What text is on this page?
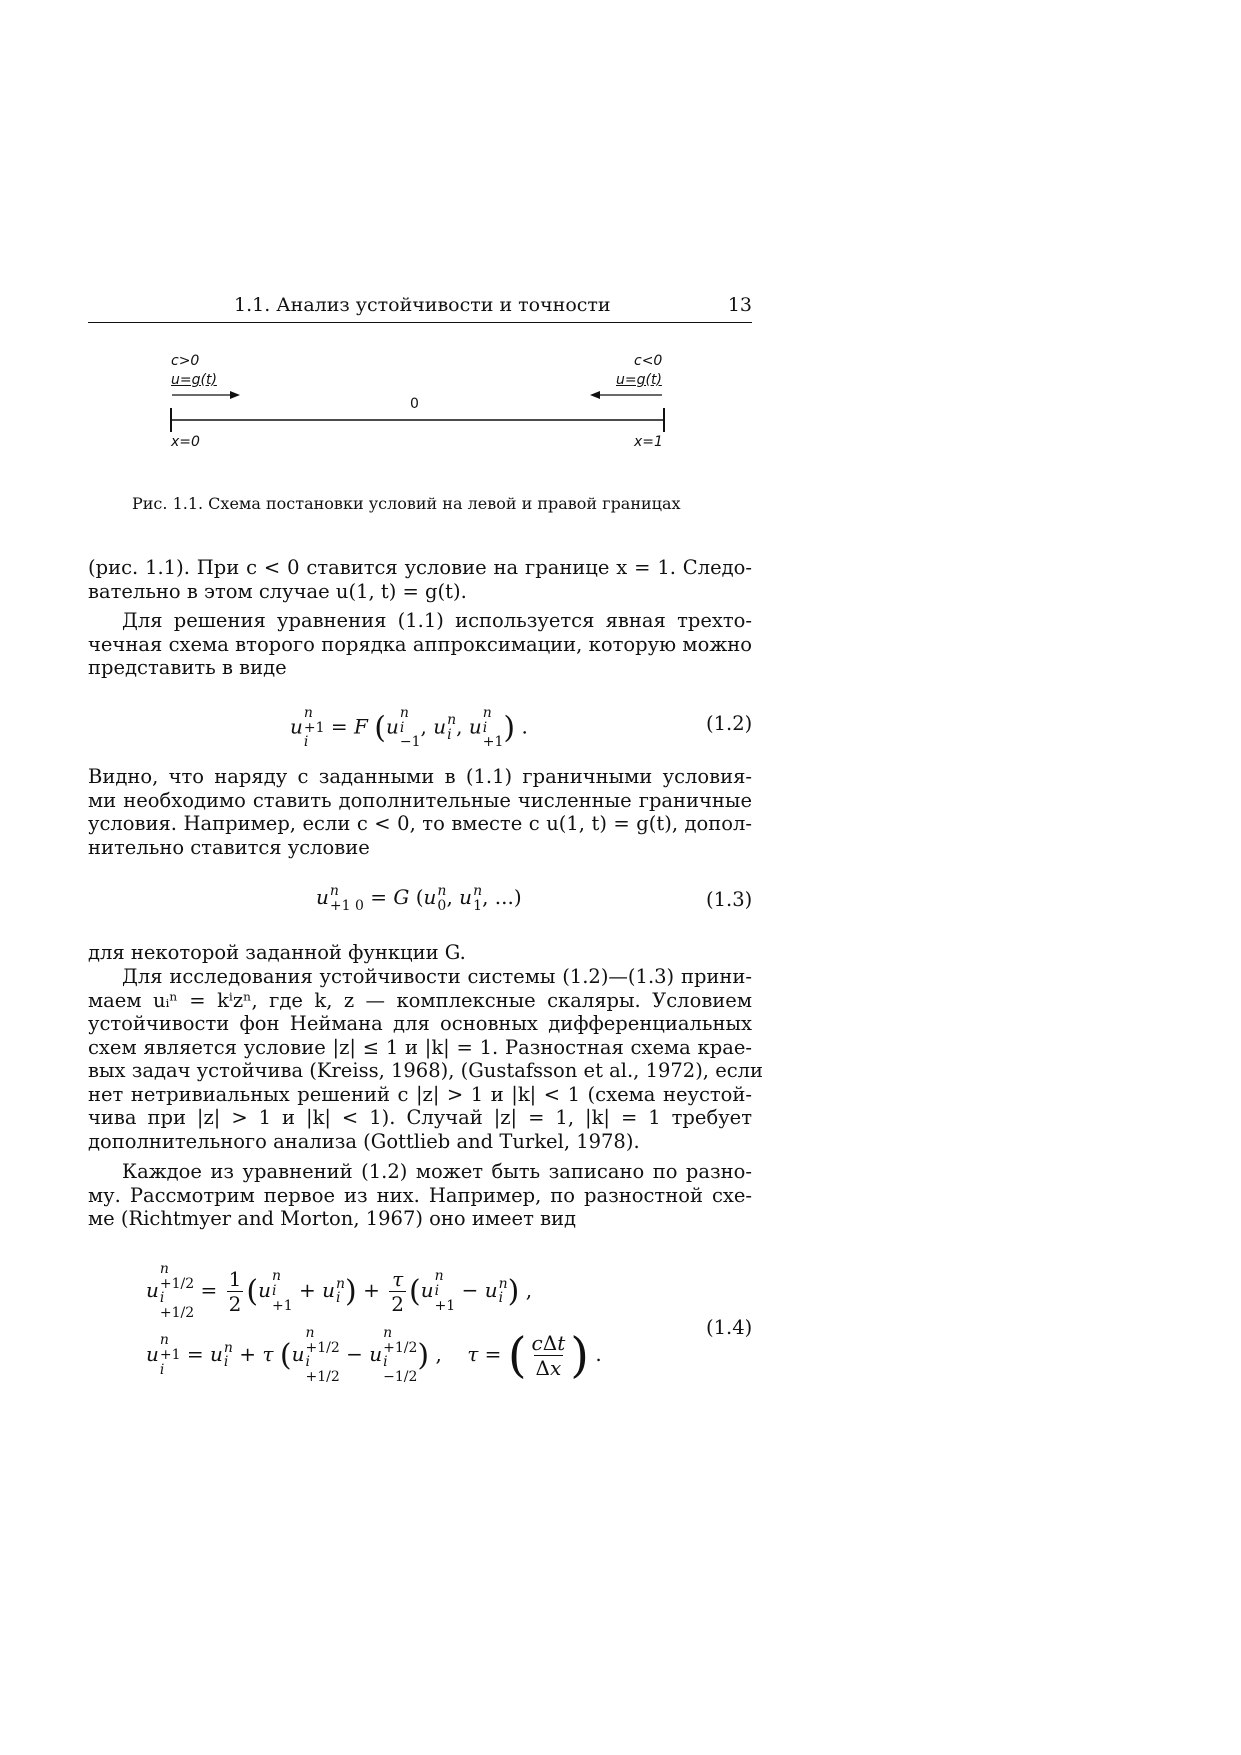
1.1. Анализ устойчивости и точности	13
c>0
u=g(t)
0
x=0
c<0
u=g(t)
x=1
Рис. 1.1. Схема постановки условий на левой и правой границах
(рис. 1.1). При c < 0 ставится условие на границе x = 1. Следо-
вательно в этом случае u(1, t) = g(t).
Для решения уравнения (1.1) используется явная трехто-
чечная схема второго порядка аппроксимации, которую можно
представить в виде
u
n
+1
i
= F (u
n
i
−1, u n
i , u
n
i
+1) .	(1.2)
Видно, что наряду с заданными в (1.1) граничными условия-
ми необходимо ставить дополнительные численные граничные
условия. Например, если c < 0, то вместе с u(1, t) = g(t), допол-
нительно ставится условие
u n
+1 0 = G (u n
0, u n
1, ...)	(1.3)
для некоторой заданной функции G.
Для исследования устойчивости системы (1.2)—(1.3) прини-
маем uᵢⁿ = kⁱzⁿ, где k, z — комплексные скаляры. Условием
устойчивости фон Неймана для основных дифференциальных
схем является условие |z| ≤ 1 и |k| = 1. Разностная схема крае-
вых задач устойчива (Kreiss, 1968), (Gustafsson et al., 1972), если
нет нетривиальных решений с |z| > 1 и |k| < 1 (схема неустой-
чива при |z| > 1 и |k| < 1). Случай |z| = 1, |k| = 1 требует
дополнительного анализа (Gottlieb and Turkel, 1978).
Каждое из уравнений (1.2) может быть записано по разно-
му. Рассмотрим первое из них. Например, по разностной схе-
ме (Richtmyer and Morton, 1967) оно имеет вид
u
n
+1/2
i
$+1/2 = \frac{1}{2} (u$
n
i
+1 + u n
i ) + $\frac{\tau}{2} (u$
n
i
+1 − u n
i ) ,
u
n
+1
i
= u n
i + τ (u
n
+1/2
i
+1/2 − u
n
+1/2
i
−1/2) ,    τ = ( $\frac{\text{cΔt}}{\Delta x}$ ) .
(1.4)
